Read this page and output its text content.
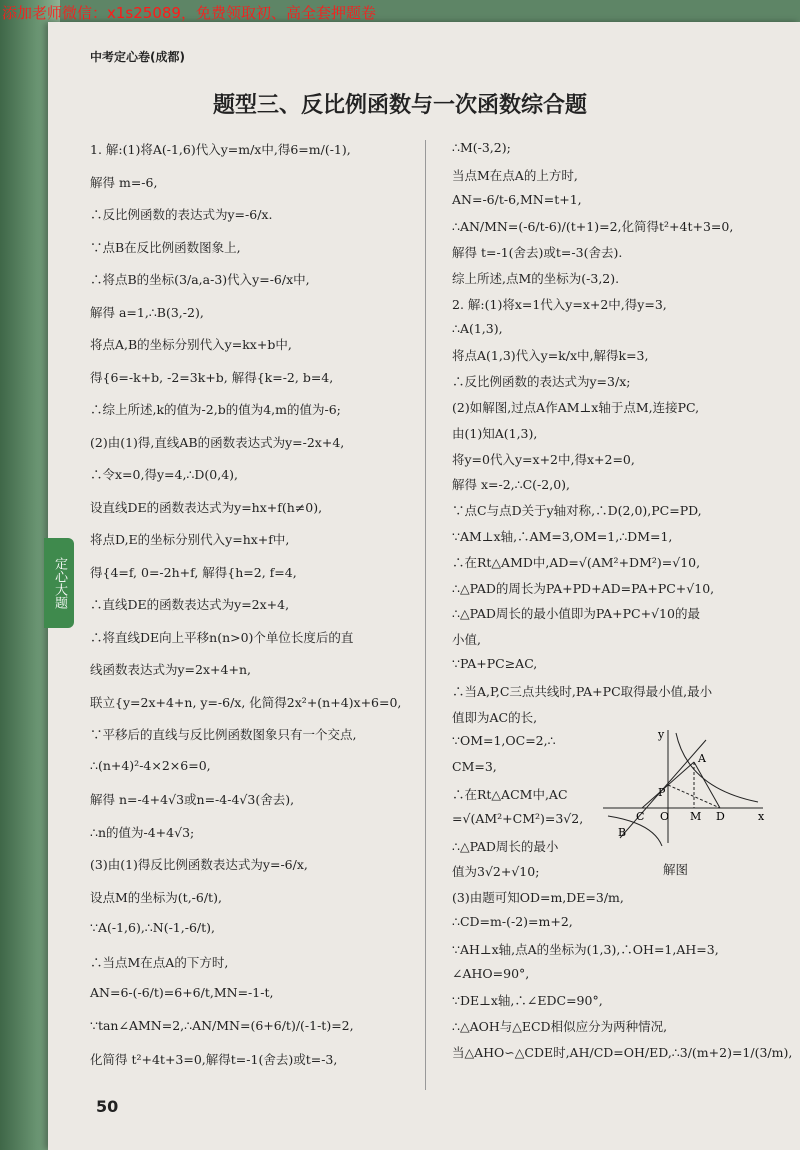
添加老师微信：x1s25089，免费领取初、高全套押题卷
中考定心卷(成都)
题型三、反比例函数与一次函数综合题
定心大题
1. 解:(1)将A(-1,6)代入y=m/x中,得6=m/(-1),
解得 m=-6,
∴反比例函数的表达式为y=-6/x.
∵点B在反比例函数图象上,
∴将点B的坐标(3/a,a-3)代入y=-6/x中,
解得 a=1,∴B(3,-2),
将点A,B的坐标分别代入y=kx+b中,
得{6=-k+b, -2=3k+b, 解得{k=-2, b=4,
∴综上所述,k的值为-2,b的值为4,m的值为-6;
(2)由(1)得,直线AB的函数表达式为y=-2x+4,
∴令x=0,得y=4,∴D(0,4),
设直线DE的函数表达式为y=hx+f(h≠0),
将点D,E的坐标分别代入y=hx+f中,
得{4=f, 0=-2h+f, 解得{h=2, f=4,
∴直线DE的函数表达式为y=2x+4,
∴将直线DE向上平移n(n>0)个单位长度后的直
线函数表达式为y=2x+4+n,
联立{y=2x+4+n, y=-6/x, 化简得2x²+(n+4)x+6=0,
∵平移后的直线与反比例函数图象只有一个交点,
∴(n+4)²-4×2×6=0,
解得 n=-4+4√3或n=-4-4√3(舍去),
∴n的值为-4+4√3;
(3)由(1)得反比例函数表达式为y=-6/x,
设点M的坐标为(t,-6/t),
∵A(-1,6),∴N(-1,-6/t),
∴当点M在点A的下方时,
AN=6-(-6/t)=6+6/t,MN=-1-t,
∵tan∠AMN=2,∴AN/MN=(6+6/t)/(-1-t)=2,
化简得 t²+4t+3=0,解得t=-1(舍去)或t=-3,
∴M(-3,2);
当点M在点A的上方时,
AN=-6/t-6,MN=t+1,
∴AN/MN=(-6/t-6)/(t+1)=2,化简得t²+4t+3=0,
解得 t=-1(舍去)或t=-3(舍去).
综上所述,点M的坐标为(-3,2).
2. 解:(1)将x=1代入y=x+2中,得y=3,
∴A(1,3),
将点A(1,3)代入y=k/x中,解得k=3,
∴反比例函数的表达式为y=3/x;
(2)如解图,过点A作AM⊥x轴于点M,连接PC,
由(1)知A(1,3),
将y=0代入y=x+2中,得x+2=0,
解得 x=-2,∴C(-2,0),
∵点C与点D关于y轴对称,∴D(2,0),PC=PD,
∵AM⊥x轴,∴AM=3,OM=1,∴DM=1,
∴在Rt△AMD中,AD=√(AM²+DM²)=√10,
∴△PAD的周长为PA+PD+AD=PA+PC+√10,
∴△PAD周长的最小值即为PA+PC+√10的最
小值,
∵PA+PC≥AC,
∴当A,P,C三点共线时,PA+PC取得最小值,最小
值即为AC的长,
∵OM=1,OC=2,∴
CM=3,
∴在Rt△ACM中,AC
=√(AM²+CM²)=3√2,
∴△PAD周长的最小
值为3√2+√10;
(3)由题可知OD=m,DE=3/m,
∴CD=m-(-2)=m+2,
∵AH⊥x轴,点A的坐标为(1,3),∴OH=1,AH=3,
∠AHO=90°,
∵DE⊥x轴,∴∠EDC=90°,
∴△AOH与△ECD相似应分为两种情况,
当△AHO∽△CDE时,AH/CD=OH/ED,∴3/(m+2)=1/(3/m),
y
x
A
P
C O M D
B
解图
50
